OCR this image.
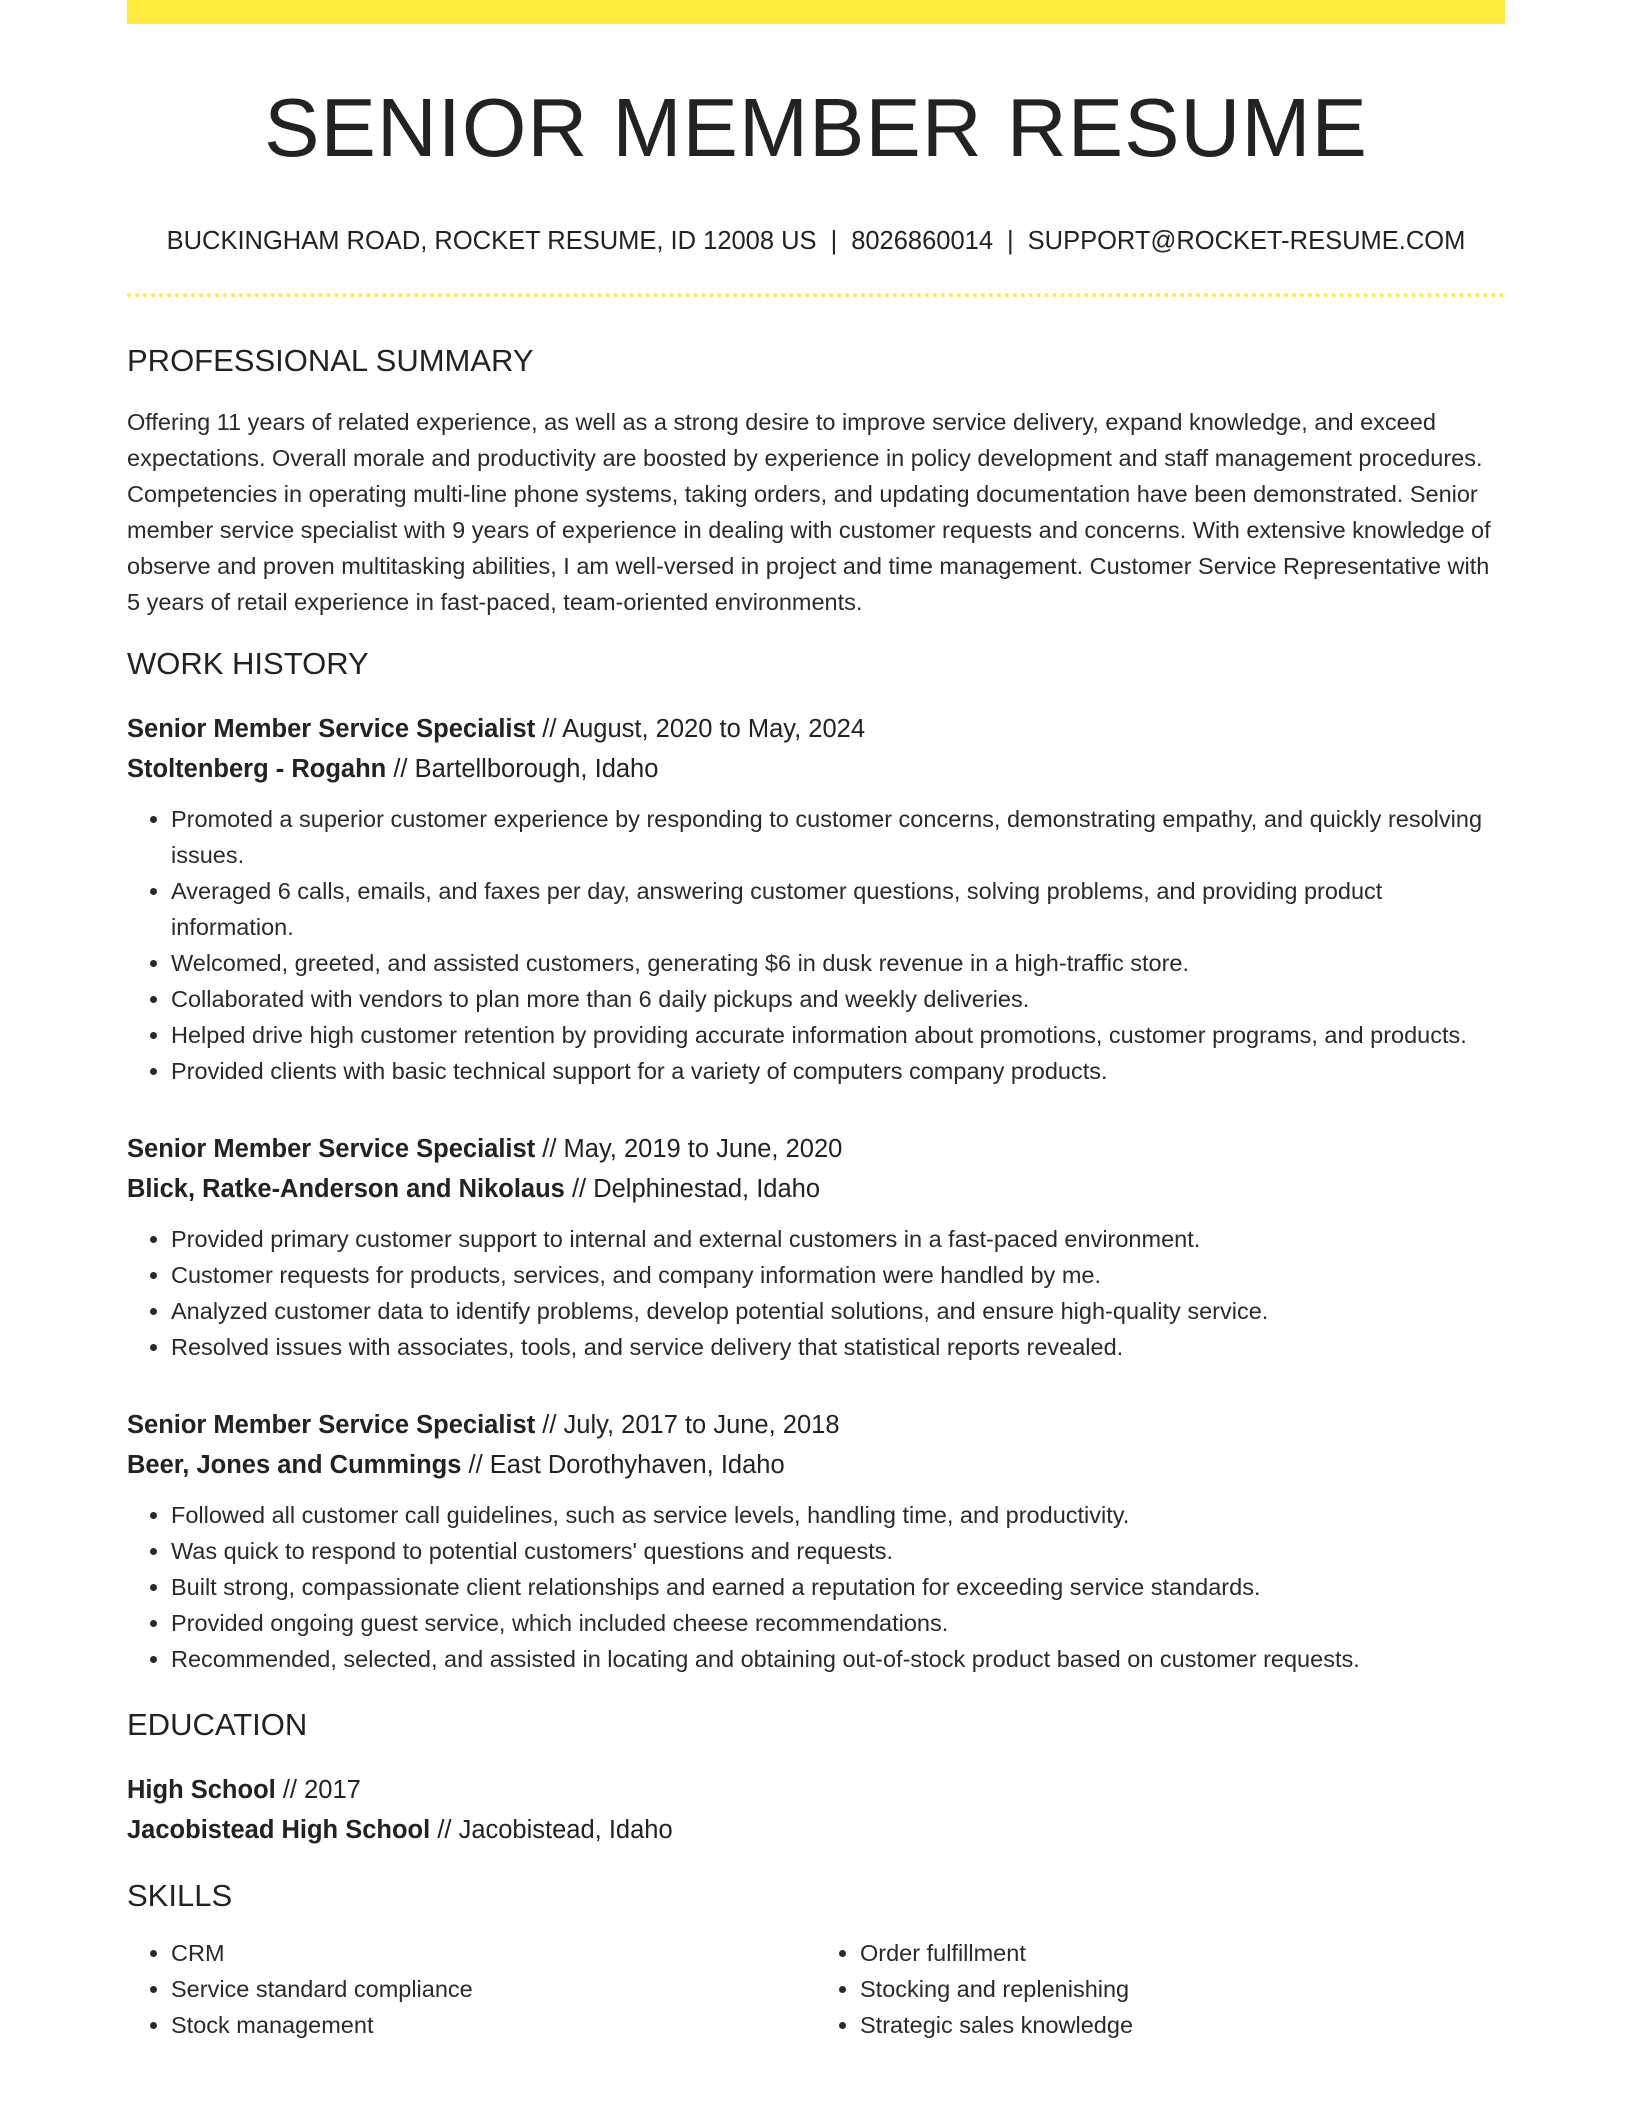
SENIOR MEMBER RESUME
BUCKINGHAM ROAD, ROCKET RESUME, ID 12008 US | 8026860014 | SUPPORT@ROCKET-RESUME.COM
PROFESSIONAL SUMMARY

Offering 11 years of related experience, as well as a strong desire to improve service delivery, expand knowledge, and exceed expectations. Overall morale and productivity are boosted by experience in policy development and staff management procedures. Competencies in operating multi-line phone systems, taking orders, and updating documentation have been demonstrated. Senior member service specialist with 9 years of experience in dealing with customer requests and concerns. With extensive knowledge of observe and proven multitasking abilities, I am well-versed in project and time management. Customer Service Representative with 5 years of retail experience in fast-paced, team-oriented environments.

WORK HISTORY
Senior Member Service Specialist // August, 2020 to May, 2024
Stoltenberg - Rogahn // Bartellborough, Idaho
• Promoted a superior customer experience by responding to customer concerns, demonstrating empathy, and quickly resolving issues.
• Averaged 6 calls, emails, and faxes per day, answering customer questions, solving problems, and providing product information.
• Welcomed, greeted, and assisted customers, generating $6 in dusk revenue in a high-traffic store.
• Collaborated with vendors to plan more than 6 daily pickups and weekly deliveries.
• Helped drive high customer retention by providing accurate information about promotions, customer programs, and products.
• Provided clients with basic technical support for a variety of computers company products.
Senior Member Service Specialist // May, 2019 to June, 2020
Blick, Ratke-Anderson and Nikolaus // Delphinestad, Idaho
• Provided primary customer support to internal and external customers in a fast-paced environment.
• Customer requests for products, services, and company information were handled by me.
• Analyzed customer data to identify problems, develop potential solutions, and ensure high-quality service.
• Resolved issues with associates, tools, and service delivery that statistical reports revealed.
Senior Member Service Specialist // July, 2017 to June, 2018
Beer, Jones and Cummings // East Dorothyhaven, Idaho
• Followed all customer call guidelines, such as service levels, handling time, and productivity.
• Was quick to respond to potential customers' questions and requests.
• Built strong, compassionate client relationships and earned a reputation for exceeding service standards.
• Provided ongoing guest service, which included cheese recommendations.
• Recommended, selected, and assisted in locating and obtaining out-of-stock product based on customer requests.
EDUCATION
High School // 2017
Jacobistead High School // Jacobistead, Idaho
SKILLS
• CRM
• Service standard compliance
• Stock management
• Order fulfillment
• Stocking and replenishing
• Strategic sales knowledge
